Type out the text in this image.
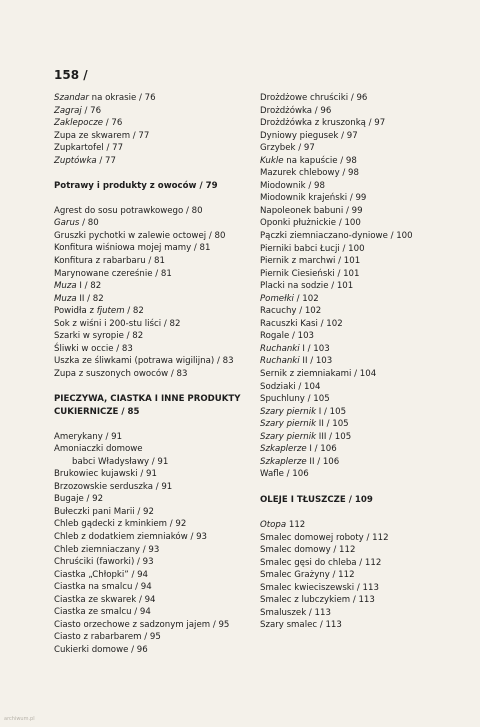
158 /
Szandar na okrasie / 76
Zagraj / 76
Zaklepocze / 76
Zupa ze skwarem / 77
Zupkartofel / 77
Zuptówka / 77
Potrawy i produkty z owoców / 79
Agrest do sosu potrawkowego / 80
Garus / 80
Gruszki pychotki w zalewie octowej / 80
Konfitura wiśniowa mojej mamy / 81
Konfitura z rabarbaru / 81
Marynowane czereśnie / 81
Muza I / 82
Muza II / 82
Powidła z fjutem / 82
Sok z wiśni i 200-stu liści / 82
Szarki w syropie / 82
Śliwki w occie / 83
Uszka ze śliwkami (potrawa wigilijna) / 83
Zupa z suszonych owoców / 83
PIECZYWA, CIASTKA I INNE PRODUKTY
CUKIERNICZE / 85
Amerykany / 91
Amoniaczki domowe
babci Władysławy / 91
Brukowiec kujawski / 91
Brzozowskie serduszka / 91
Bugaje / 92
Bułeczki pani Marii / 92
Chleb gądecki z kminkiem / 92
Chleb z dodatkiem ziemniaków / 93
Chleb ziemniaczany / 93
Chruściki (faworki) / 93
Ciastka „Chłopki” / 94
Ciastka na smalcu / 94
Ciastka ze skwarek / 94
Ciastka ze smalcu / 94
Ciasto orzechowe z sadzonym jajem / 95
Ciasto z rabarbarem / 95
Cukierki domowe / 96
Drożdżowe chruściki / 96
Drożdżówka / 96
Drożdżówka z kruszonką / 97
Dyniowy piegusek / 97
Grzybek / 97
Kukle na kapuście / 98
Mazurek chlebowy / 98
Miodownik / 98
Miodownik krajeński / 99
Napoleonek babuni / 99
Oponki płużnickie / 100
Pączki ziemniaczano-dyniowe / 100
Pierniki babci Łucji / 100
Piernik z marchwi / 101
Piernik Ciesieński / 101
Placki na sodzie / 101
Pomełki / 102
Racuchy / 102
Racuszki Kasi / 102
Rogale / 103
Ruchanki I / 103
Ruchanki II / 103
Sernik z ziemniakami / 104
Sodziaki / 104
Spuchluny / 105
Szary piernik I / 105
Szary piernik II / 105
Szary piernik III / 105
Szkaplerze I / 106
Szkaplerze II / 106
Wafle / 106
OLEJE I TŁUSZCZE / 109
Otopa 112
Smalec domowej roboty / 112
Smalec domowy / 112
Smalec gęsi do chleba / 112
Smalec Grażyny / 112
Smalec kwieciszewski / 113
Smalec z lubczykiem / 113
Smaluszek / 113
Szary smalec / 113

archiwum.pl
